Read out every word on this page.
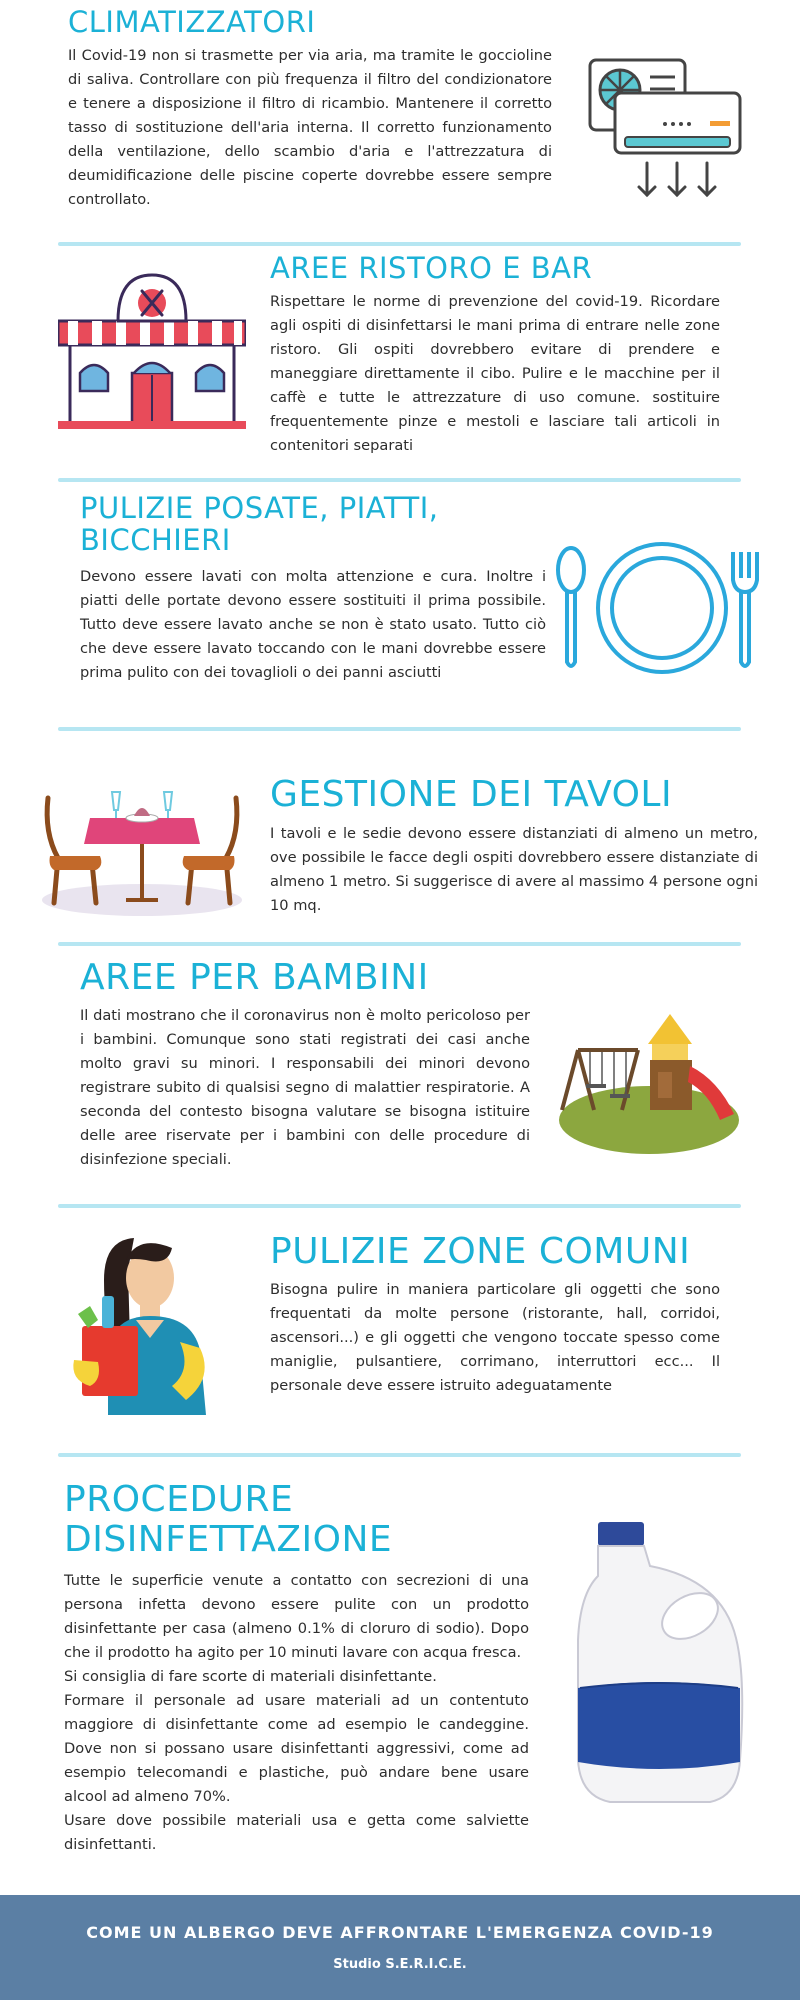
CLIMATIZZATORI
Il Covid-19 non si trasmette per via aria, ma tramite le goccioline di saliva. Controllare con più frequenza il filtro del condizionatore e tenere a disposizione il filtro di ricambio. Mantenere il corretto tasso di sostituzione dell'aria interna. Il corretto funzionamento della ventilazione, dello scambio d'aria e l'attrezzatura di deumidificazione delle piscine coperte dovrebbe essere sempre controllato.
AREE RISTORO E BAR
Rispettare le norme di prevenzione del covid-19. Ricordare agli ospiti di disinfettarsi le mani prima di entrare nelle zone ristoro. Gli ospiti dovrebbero evitare di prendere e maneggiare direttamente il cibo. Pulire e le macchine per il caffè e tutte le attrezzature di uso comune. sostituire frequentemente pinze e mestoli e lasciare tali articoli in contenitori separati
PULIZIE POSATE, PIATTI, BICCHIERI
Devono essere lavati con molta attenzione e cura. Inoltre i piatti delle portate devono essere sostituiti il prima possibile. Tutto deve essere lavato anche se non è stato usato. Tutto ciò che deve essere lavato toccando con le mani dovrebbe essere prima pulito con dei tovaglioli o dei panni asciutti
GESTIONE DEI TAVOLI
I tavoli e le sedie devono essere distanziati di almeno un metro, ove possibile le facce degli ospiti dovrebbero essere distanziate di almeno 1 metro. Si suggerisce di avere al massimo 4 persone ogni 10 mq.
AREE PER BAMBINI
Il dati mostrano che il coronavirus non è molto pericoloso per i bambini. Comunque sono stati registrati dei casi anche molto gravi su minori. I responsabili dei minori devono registrare subito di qualsisi segno di malattier respiratorie. A seconda del contesto bisogna valutare se bisogna istituire delle aree riservate per i bambini con delle procedure di disinfezione speciali.
PULIZIE ZONE COMUNI
Bisogna pulire in maniera particolare gli oggetti che sono frequentati da molte persone (ristorante, hall, corridoi, ascensori...) e gli oggetti che vengono toccate spesso come maniglie, pulsantiere, corrimano, interruttori ecc... Il personale deve essere istruito adeguatamente
PROCEDURE DISINFETTAZIONE
Tutte le superficie venute a contatto con secrezioni di una persona infetta devono essere pulite con un prodotto disinfettante per casa (almeno 0.1% di cloruro di sodio). Dopo che il prodotto ha agito per 10 minuti lavare con acqua fresca.
Si consiglia di fare scorte di materiali disinfettante.
Formare il personale ad usare materiali ad un contentuto maggiore di disinfettante come ad esempio le candeggine. Dove non si possano usare disinfettanti aggressivi, come ad esempio telecomandi e plastiche, può andare bene usare alcool ad almeno 70%.
Usare dove possibile materiali usa e getta come salviette disinfettanti.
COME UN ALBERGO DEVE AFFRONTARE L'EMERGENZA COVID-19
Studio S.E.R.I.C.E.
